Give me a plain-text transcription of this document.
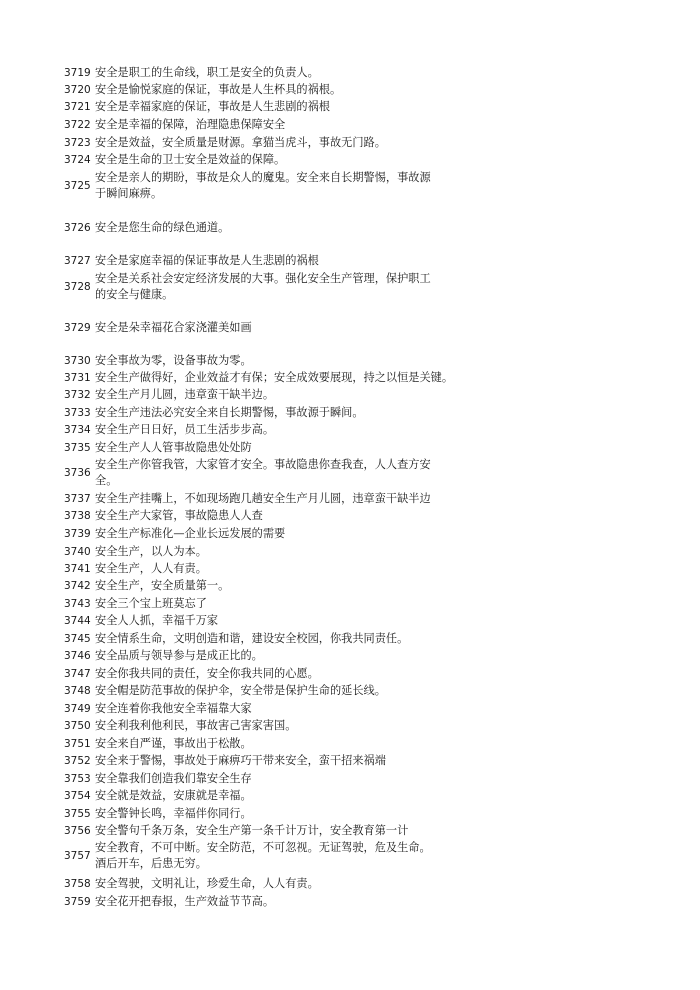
3719 安全是职工的生命线，职工是安全的负责人。
3720 安全是愉悦家庭的保证，事故是人生杯具的祸根。
3721 安全是幸福家庭的保证，事故是人生悲剧的祸根
3722 安全是幸福的保障，治理隐患保障安全
3723 安全是效益，安全质量是财源。拿猫当虎斗，事故无门路。
3724 安全是生命的卫士安全是效益的保障。
3725
安全是亲人的期盼，事故是众人的魔鬼。安全来自长期警惕，事故源
于瞬间麻痹。
3726 安全是您生命的绿色通道。
3727 安全是家庭幸福的保证事故是人生悲剧的祸根
3728
安全是关系社会安定经济发展的大事。强化安全生产管理，保护职工
的安全与健康。
3729 安全是朵幸福花合家浇灌美如画
3730 安全事故为零，设备事故为零。
3731 安全生产做得好，企业效益才有保；安全成效要展现，持之以恒是关键。
3732 安全生产月儿圆，违章蛮干缺半边。
3733 安全生产违法必究安全来自长期警惕，事故源于瞬间。
3734 安全生产日日好，员工生活步步高。
3735 安全生产人人管事故隐患处处防
3736
安全生产你管我管，大家管才安全。事故隐患你查我查，人人查方安
全。
3737 安全生产挂嘴上，不如现场跑几趟安全生产月儿圆，违章蛮干缺半边
3738 安全生产大家管，事故隐患人人查
3739 安全生产标准化—企业长远发展的需要
3740 安全生产，以人为本。
3741 安全生产，人人有责。
3742 安全生产，安全质量第一。
3743 安全三个宝上班莫忘了
3744 安全人人抓，幸福千万家
3745 安全情系生命，文明创造和谐，建设安全校园，你我共同责任。
3746 安全品质与领导参与是成正比的。
3747 安全你我共同的责任，安全你我共同的心愿。
3748 安全帽是防范事故的保护伞，安全带是保护生命的延长线。
3749 安全连着你我他安全幸福靠大家
3750 安全利我利他利民，事故害己害家害国。
3751 安全来自严谨，事故出于松散。
3752 安全来于警惕，事故处于麻痹巧干带来安全，蛮干招来祸端
3753 安全靠我们创造我们靠安全生存
3754 安全就是效益，安康就是幸福。
3755 安全警钟长鸣，幸福伴你同行。
3756 安全警句千条万条，安全生产第一条千计万计，安全教育第一计
3757
安全教育，不可中断。安全防范，不可忽视。无证驾驶，危及生命。
酒后开车，后患无穷。
3758 安全驾驶，文明礼让，珍爱生命，人人有责。
3759 安全花开把春报，生产效益节节高。
